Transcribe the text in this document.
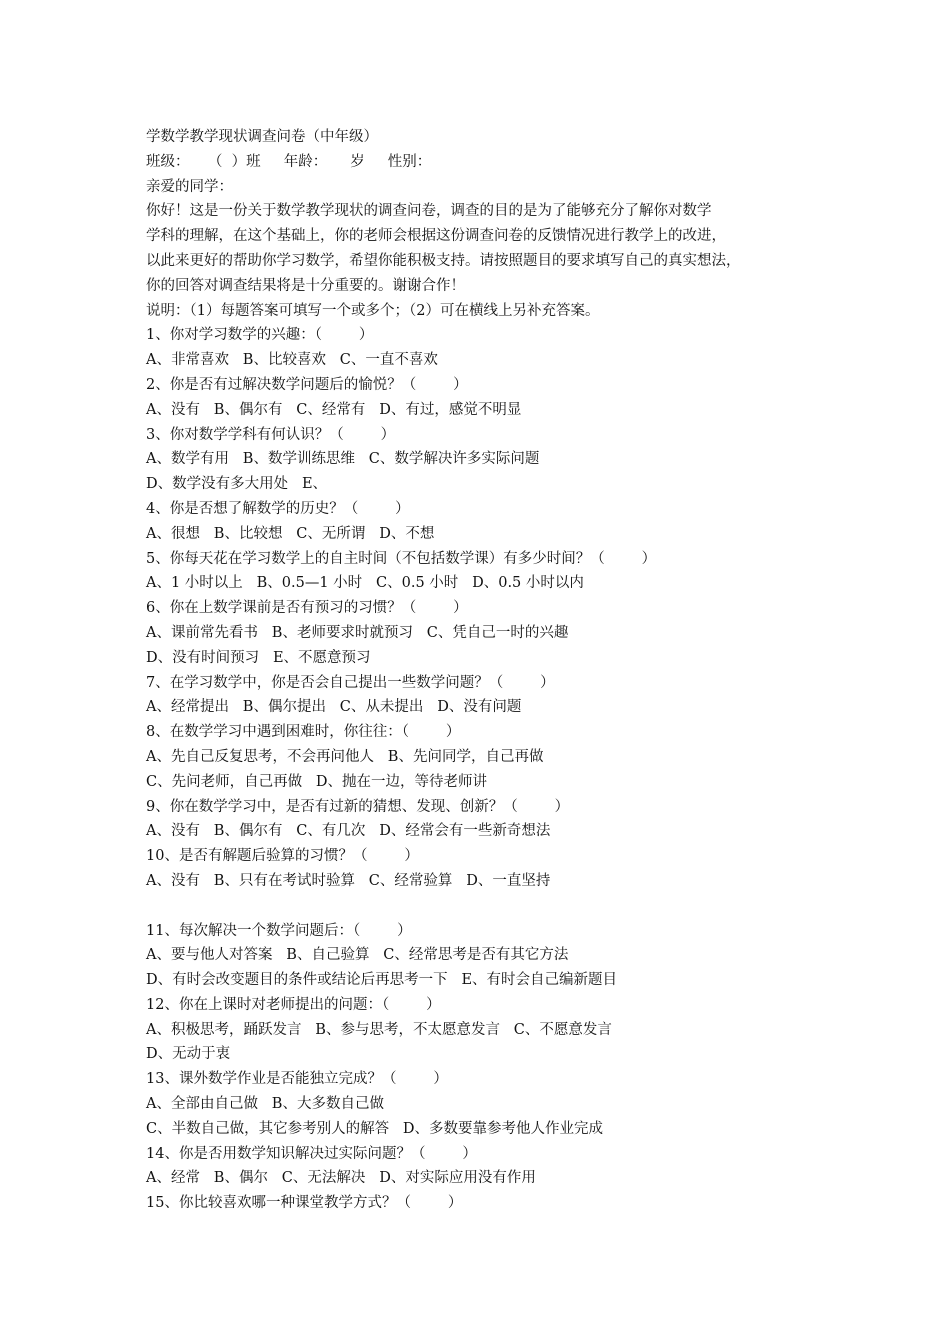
学数学教学现状调查问卷（中年级）

班级：    （  ）班     年龄：     岁     性别：

亲爱的同学：

你好！这是一份关于数学教学现状的调查问卷，调查的目的是为了能够充分了解你对数学

学科的理解，在这个基础上，你的老师会根据这份调查问卷的反馈情况进行教学上的改进，

以此来更好的帮助你学习数学，希望你能积极支持。请按照题目的要求填写自己的真实想法，

你的回答对调查结果将是十分重要的。谢谢合作！

说明：（1）每题答案可填写一个或多个；（2）可在横线上另补充答案。

1、你对学习数学的兴趣：（        ）

A、非常喜欢   B、比较喜欢   C、一直不喜欢

2、你是否有过解决数学问题后的愉悦？（        ）

A、没有   B、偶尔有   C、经常有   D、有过，感觉不明显

3、你对数学学科有何认识？（        ）

A、数学有用   B、数学训练思维   C、数学解决许多实际问题

D、数学没有多大用处   E、

4、你是否想了解数学的历史？（        ）

A、很想   B、比较想   C、无所谓   D、不想

5、你每天花在学习数学上的自主时间（不包括数学课）有多少时间？（        ）

A、1 小时以上   B、0.5—1 小时   C、0.5 小时   D、0.5 小时以内

6、你在上数学课前是否有预习的习惯？（        ）

A、课前常先看书   B、老师要求时就预习   C、凭自己一时的兴趣

D、没有时间预习   E、不愿意预习

7、在学习数学中，你是否会自己提出一些数学问题？（        ）

A、经常提出   B、偶尔提出   C、从未提出   D、没有问题

8、在数学学习中遇到困难时，你往往：（        ）

A、先自己反复思考，不会再问他人   B、先问同学，自己再做

C、先问老师，自己再做   D、抛在一边，等待老师讲

9、你在数学学习中，是否有过新的猜想、发现、创新？（        ）

A、没有   B、偶尔有   C、有几次   D、经常会有一些新奇想法

10、是否有解题后验算的习惯？（        ）

A、没有   B、只有在考试时验算   C、经常验算   D、一直坚持

11、每次解决一个数学问题后：（        ）

A、要与他人对答案   B、自己验算   C、经常思考是否有其它方法

D、有时会改变题目的条件或结论后再思考一下   E、有时会自己编新题目

12、你在上课时对老师提出的问题：（        ）

A、积极思考，踊跃发言   B、参与思考，不太愿意发言   C、不愿意发言

D、无动于衷

13、课外数学作业是否能独立完成？（        ）

A、全部由自己做   B、大多数自己做

C、半数自己做，其它参考别人的解答   D、多数要靠参考他人作业完成

14、你是否用数学知识解决过实际问题？（        ）

A、经常   B、偶尔   C、无法解决   D、对实际应用没有作用

15、你比较喜欢哪一种课堂教学方式？（        ）
